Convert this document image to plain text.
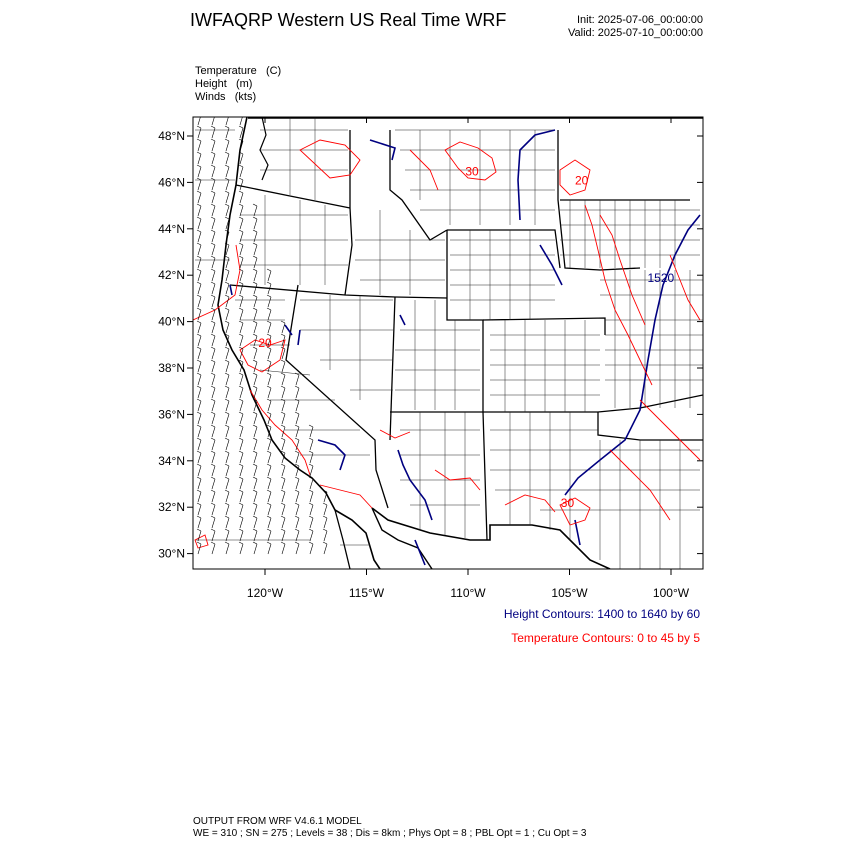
48°N
46°N
44°N
42°N
40°N
38°N
36°N
34°N
32°N
30°N
120°W	115°W	110°W	105°W	100°W
30
20
1520
20
30
IWFAQRP Western US Real Time WRF	Init: 2025-07-06_00:00:00
Valid: 2025-07-10_00:00:00
Temperature (C)
Height (m)
Winds (kts)
Height Contours: 1400 to 1640 by 60
Temperature Contours: 0 to 45 by 5
OUTPUT FROM WRF V4.6.1 MODEL
WE = 310 ; SN = 275 ; Levels = 38 ; Dis = 8km ; Phys Opt = 8 ; PBL Opt = 1 ; Cu Opt = 3
